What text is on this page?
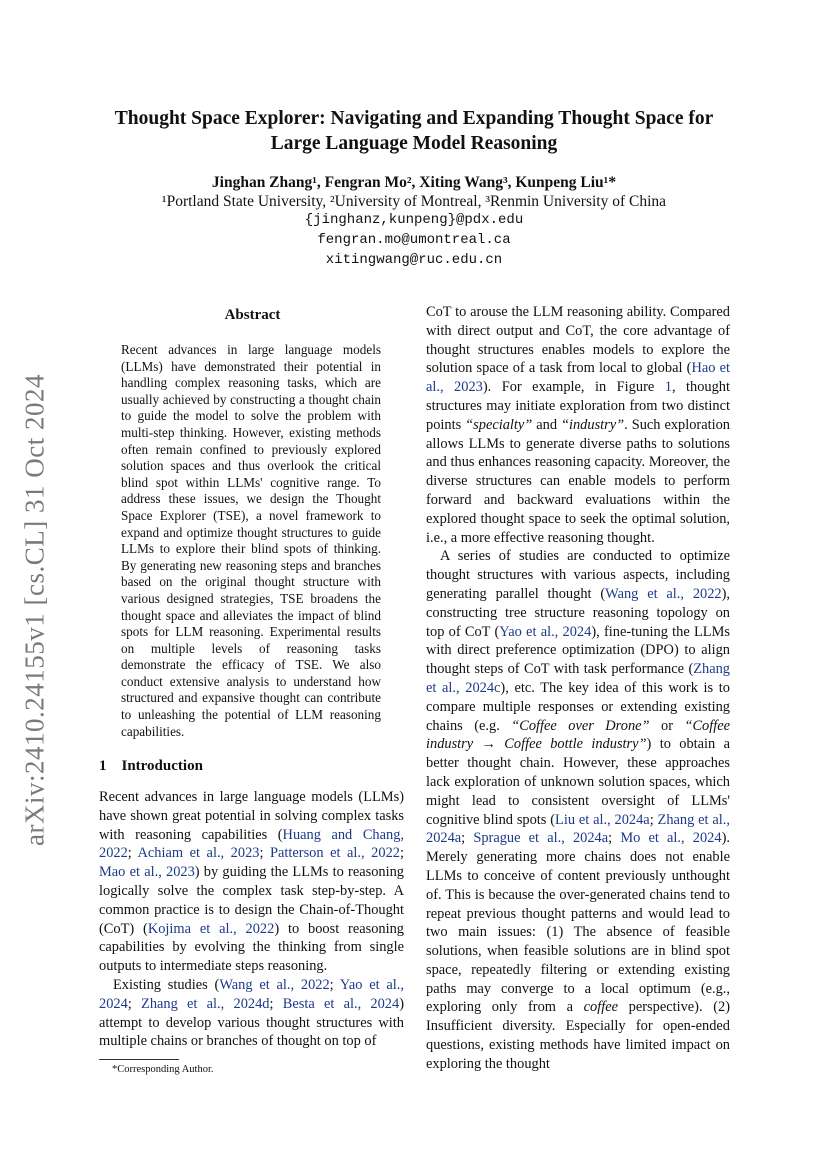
arXiv:2410.24155v1 [cs.CL] 31 Oct 2024
Thought Space Explorer: Navigating and Expanding Thought Space for
Large Language Model Reasoning
Jinghan Zhang¹, Fengran Mo², Xiting Wang³, Kunpeng Liu¹*
¹Portland State University, ²University of Montreal, ³Renmin University of China
{jinghanz,kunpeng}@pdx.edu
fengran.mo@umontreal.ca
xitingwang@ruc.edu.cn
Abstract
Recent advances in large language models (LLMs) have demonstrated their potential in handling complex reasoning tasks, which are usually achieved by constructing a thought chain to guide the model to solve the problem with multi-step thinking. However, existing methods often remain confined to previously explored solution spaces and thus overlook the critical blind spot within LLMs' cognitive range. To address these issues, we design the Thought Space Explorer (TSE), a novel framework to expand and optimize thought structures to guide LLMs to explore their blind spots of thinking. By generating new reasoning steps and branches based on the original thought structure with various designed strategies, TSE broadens the thought space and alleviates the impact of blind spots for LLM reasoning. Experimental results on multiple levels of reasoning tasks demonstrate the efficacy of TSE. We also conduct extensive analysis to understand how structured and expansive thought can contribute to unleashing the potential of LLM reasoning capabilities.
1 Introduction

Recent advances in large language models (LLMs) have shown great potential in solving complex tasks with reasoning capabilities (Huang and Chang, 2022; Achiam et al., 2023; Patterson et al., 2022; Mao et al., 2023) by guiding the LLMs to reasoning logically solve the complex task step-by-step. A common practice is to design the Chain-of-Thought (CoT) (Kojima et al., 2022) to boost reasoning capabilities by evolving the thinking from single outputs to intermediate steps reasoning.

Existing studies (Wang et al., 2022; Yao et al., 2024; Zhang et al., 2024d; Besta et al., 2024) attempt to develop various thought structures with multiple chains or branches of thought on top of

CoT to arouse the LLM reasoning ability. Compared with direct output and CoT, the core advantage of thought structures enables models to explore the solution space of a task from local to global (Hao et al., 2023). For example, in Figure 1, thought structures may initiate exploration from two distinct points “specialty” and “industry”. Such exploration allows LLMs to generate diverse paths to solutions and thus enhances reasoning capacity. Moreover, the diverse structures can enable models to perform forward and backward evaluations within the explored thought space to seek the optimal solution, i.e., a more effective reasoning thought.

A series of studies are conducted to optimize thought structures with various aspects, including generating parallel thought (Wang et al., 2022), constructing tree structure reasoning topology on top of CoT (Yao et al., 2024), fine-tuning the LLMs with direct preference optimization (DPO) to align thought steps of CoT with task performance (Zhang et al., 2024c), etc. The key idea of this work is to compare multiple responses or extending existing chains (e.g. “Coffee over Drone” or “Coffee industry → Coffee bottle industry”) to obtain a better thought chain. However, these approaches lack exploration of unknown solution spaces, which might lead to consistent oversight of LLMs' cognitive blind spots (Liu et al., 2024a; Zhang et al., 2024a; Sprague et al., 2024a; Mo et al., 2024). Merely generating more chains does not enable LLMs to conceive of content previously unthought of. This is because the over-generated chains tend to repeat previous thought patterns and would lead to two main issues: (1) The absence of feasible solutions, when feasible solutions are in blind spot space, repeatedly filtering or extending existing paths may converge to a local optimum (e.g., exploring only from a coffee perspective). (2) Insufficient diversity. Especially for open-ended questions, existing methods have limited impact on exploring the thought

*Corresponding Author.
